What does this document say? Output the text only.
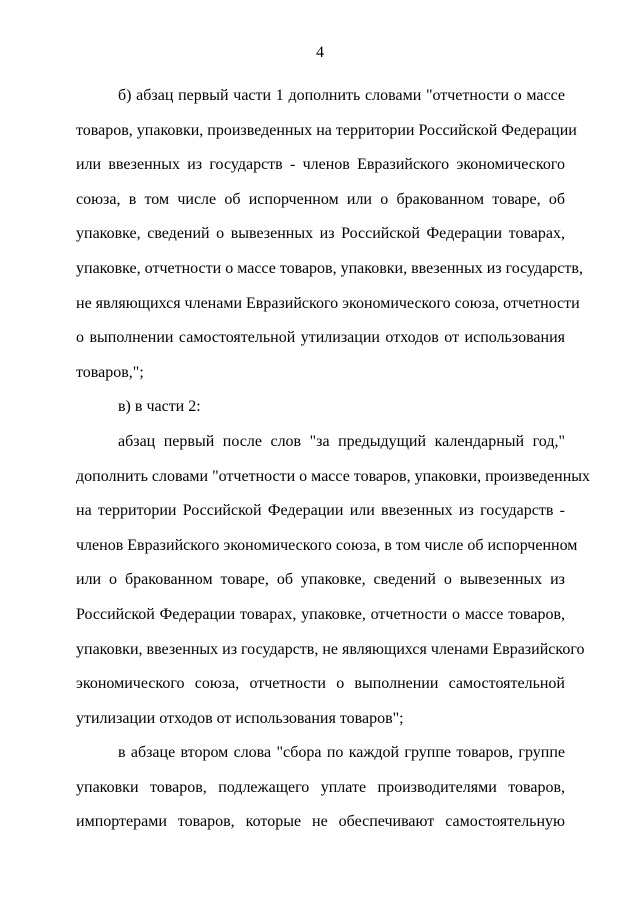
4
б) абзац первый части 1 дополнить словами "отчетности о массе
товаров, упаковки, произведенных на территории Российской Федерации
или ввезенных из государств - членов Евразийского экономического
союза, в том числе об испорченном или о бракованном товаре, об
упаковке, сведений о вывезенных из Российской Федерации товарах,
упаковке, отчетности о массе товаров, упаковки, ввезенных из государств,
не являющихся членами Евразийского экономического союза, отчетности
о выполнении самостоятельной утилизации отходов от использования
товаров,";
в) в части 2:
абзац первый после слов "за предыдущий календарный год,"
дополнить словами "отчетности о массе товаров, упаковки, произведенных
на территории Российской Федерации или ввезенных из государств -
членов Евразийского экономического союза, в том числе об испорченном
или о бракованном товаре, об упаковке, сведений о вывезенных из
Российской Федерации товарах, упаковке, отчетности о массе товаров,
упаковки, ввезенных из государств, не являющихся членами Евразийского
экономического союза, отчетности о выполнении самостоятельной
утилизации отходов от использования товаров";
в абзаце втором слова "сбора по каждой группе товаров, группе
упаковки товаров, подлежащего уплате производителями товаров,
импортерами товаров, которые не обеспечивают самостоятельную
